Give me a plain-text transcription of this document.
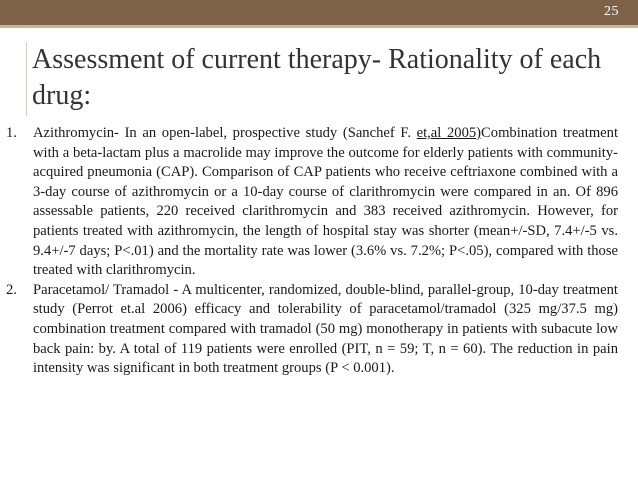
25
Assessment of current therapy- Rationality of each drug:
1.	Azithromycin- In an open-label, prospective study (Sanchef F. et,al 2005)Combination treatment with a beta-lactam plus a macrolide may improve the outcome for elderly patients with community-acquired pneumonia (CAP). Comparison of CAP patients who receive ceftriaxone combined with a 3-day course of azithromycin or a 10-day course of clarithromycin were compared in an. Of 896 assessable patients, 220 received clarithromycin and 383 received azithromycin. However, for patients treated with azithromycin, the length of hospital stay was shorter (mean+/-SD, 7.4+/-5 vs. 9.4+/-7 days; P<.01) and the mortality rate was lower (3.6% vs. 7.2%; P<.05), compared with those treated with clarithromycin.
2.	Paracetamol/ Tramadol - A multicenter, randomized, double-blind, parallel-group, 10-day treatment study (Perrot et.al 2006) efficacy and tolerability of paracetamol/tramadol (325 mg/37.5 mg) combination treatment compared with tramadol (50 mg) monotherapy in patients with subacute low back pain: by. A total of 119 patients were enrolled (PIT, n = 59; T, n = 60). The reduction in pain intensity was significant in both treatment groups (P < 0.001).
